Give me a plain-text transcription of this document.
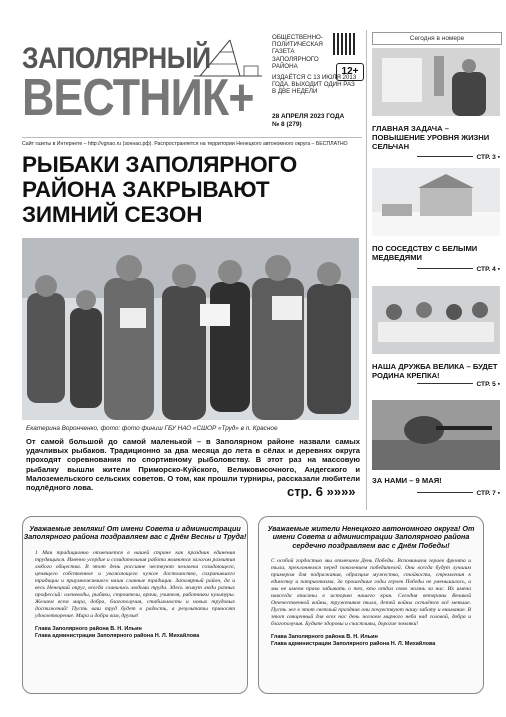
ЗАПОЛЯРНЫЙ
ВЕСТНИК+
ОБЩЕСТВЕННО-ПОЛИТИЧЕСКАЯ ГАЗЕТА ЗАПОЛЯРНОГО РАЙОНА
ИЗДАЁТСЯ С 13 ИЮЛЯ 2013 ГОДА. ВЫХОДИТ ОДИН РАЗ В ДВЕ НЕДЕЛИ
12+
28 АПРЕЛЯ 2023 ГОДА
№ 8 (279)
Сайт газеты в Интернете – http://vgnao.ru (зоннао.рф). Распространяется на территории Ненецкого автономного округа – БЕСПЛАТНО
РЫБАКИ ЗАПОЛЯРНОГО РАЙОНА ЗАКРЫВАЮТ ЗИМНИЙ СЕЗОН
Екатерина Воронченко, фото: фото финиш ГБУ НАО «СШОР «Труд» в п. Красное
От самой большой до самой маленькой – в Заполярном районе назвали самых удачливых рыбаков. Традиционно за два месяца до лета в сёлах и деревнях округа проходят соревнования по спортивному рыболовству. В этот раз на массовую рыбалку вышли жители Приморско-Куйского, Великовисочного, Андегского и Малоземельского сельских советов. О том, как прошли турниры, рассказали любители подлёдного лова.	стр. 6 »»»»
Уважаемые земляки! От имени Совета и администрации Заполярного района поздравляем вас с Днём Весны и Труда!
1 Мая традиционно отмечается в нашей стране как праздник единения трудящихся. Именно усердие и созидательная работа являются залогом развития любого общества. В этот день россияне чествуют человека созидающего, ценящего собственное и уважающего чужое достоинство, сохранившего традиции и приумножившего наши славные традиции. Заполярный район, да и весь Ненецкий округ, всегда славились людьми труда. Здесь живут люди разных профессий: оленеводы, рыбаки, строители, врачи, учителя, работники культуры. Желаем всем мира, добра, благополучия, стабильности и новых трудовых достижений! Пусть ваш труд будет в радость, а результаты приносят удовлетворение. Мира и добра вам, друзья!
Глава Заполярного района В. Н. Ильин
Глава администрации Заполярного района Н. Л. Михайлова
Уважаемые жители Ненецкого автономного округа! От имени Совета и администрации Заполярного района сердечно поздравляем вас с Днём Победы!
С особой гордостью мы отмечаем День Победы. Вспоминаем героев фронта и тыла, преклоняемся перед поколением победителей. Они всегда будут лучшим примером для подражания, образцом мужества, стойкости, стремления к единству и патриотизма. За прошедшие годы героев Победы не уменьшилось, и мы не имеем права забывать о тех, кто отдал свою жизнь за нас. Их имена навсегда вписаны в историю нашего края. Сегодня ветераны Великой Отечественной войны, тружеников тыла, детей войны остаётся всё меньше. Пусть же в этот светлый праздник они почувствуют нашу заботу и внимание. В этот священный для всех нас день желаем мирного неба над головой, добра и благополучия. Будьте здоровы и счастливы, дорогие земляки!
Глава Заполярного района В. Н. Ильин
Глава администрации Заполярного района Н. Л. Михайлова
Сегодня в номере
ГЛАВНАЯ ЗАДАЧА – ПОВЫШЕНИЕ УРОВНЯ ЖИЗНИ СЕЛЬЧАН
СТР. 3 ▪
ПО СОСЕДСТВУ С БЕЛЫМИ МЕДВЕДЯМИ
СТР. 4 ▪
НАША ДРУЖБА ВЕЛИКА – БУДЕТ РОДИНА КРЕПКА!
СТР. 5 ▪
ЗА НАМИ – 9 МАЯ!
СТР. 7 ▪
